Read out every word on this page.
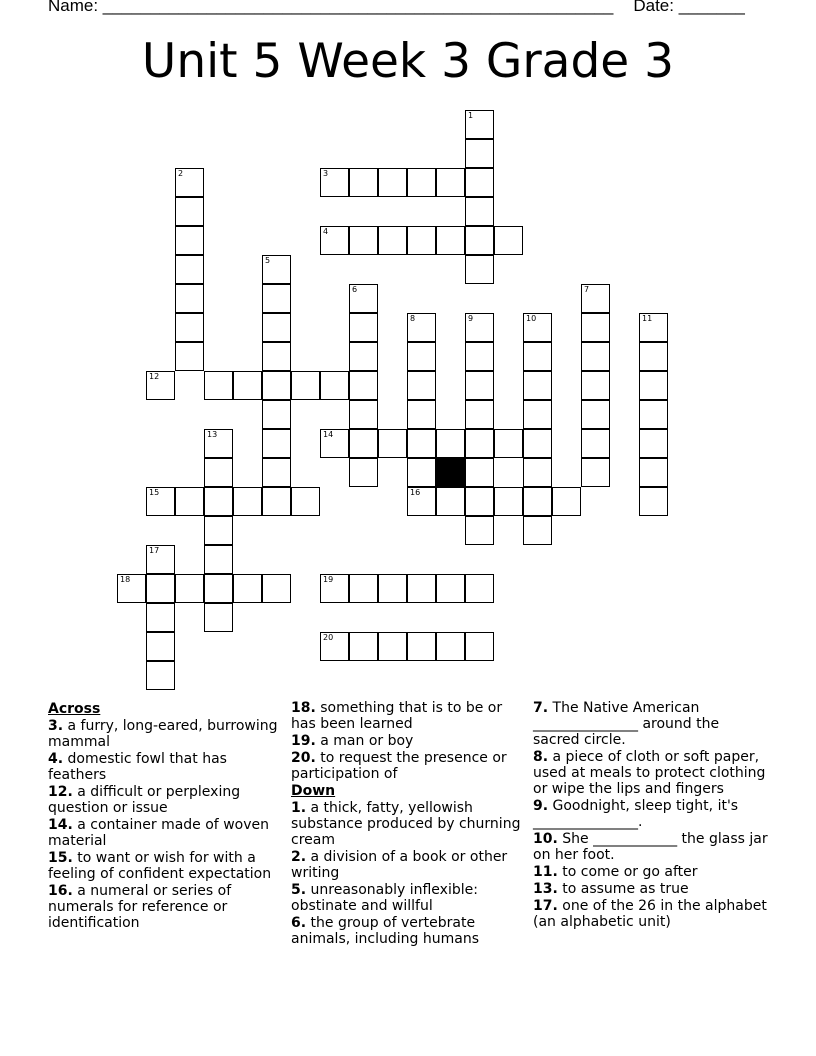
Name: ______________________________________________________ Date: _______
Unit 5 Week 3 Grade 3
1
2	3
4
5
6	7
8
16
9	10	11
12
13	14
15
17
18	19
20
Across
3. a furry, long-eared, burrowing mammal
4. domestic fowl that has feathers
12. a difficult or perplexing question or issue
14. a container made of woven material
15. to want or wish for with a feeling of confident expectation
16. a numeral or series of numerals for reference or identification
18. something that is to be or has been learned
19. a man or boy
20. to request the presence or participation of
Down
1. a thick, fatty, yellowish substance produced by churning cream
2. a division of a book or other writing
5. unreasonably inflexible: obstinate and willful
6. the group of vertebrate animals, including humans
7. The Native American _______________ around the sacred circle.
8. a piece of cloth or soft paper, used at meals to protect clothing or wipe the lips and fingers
9. Goodnight, sleep tight, it's _______________.
10. She ____________ the glass jar on her foot.
11. to come or go after
13. to assume as true
17. one of the 26 in the alphabet (an alphabetic unit)
